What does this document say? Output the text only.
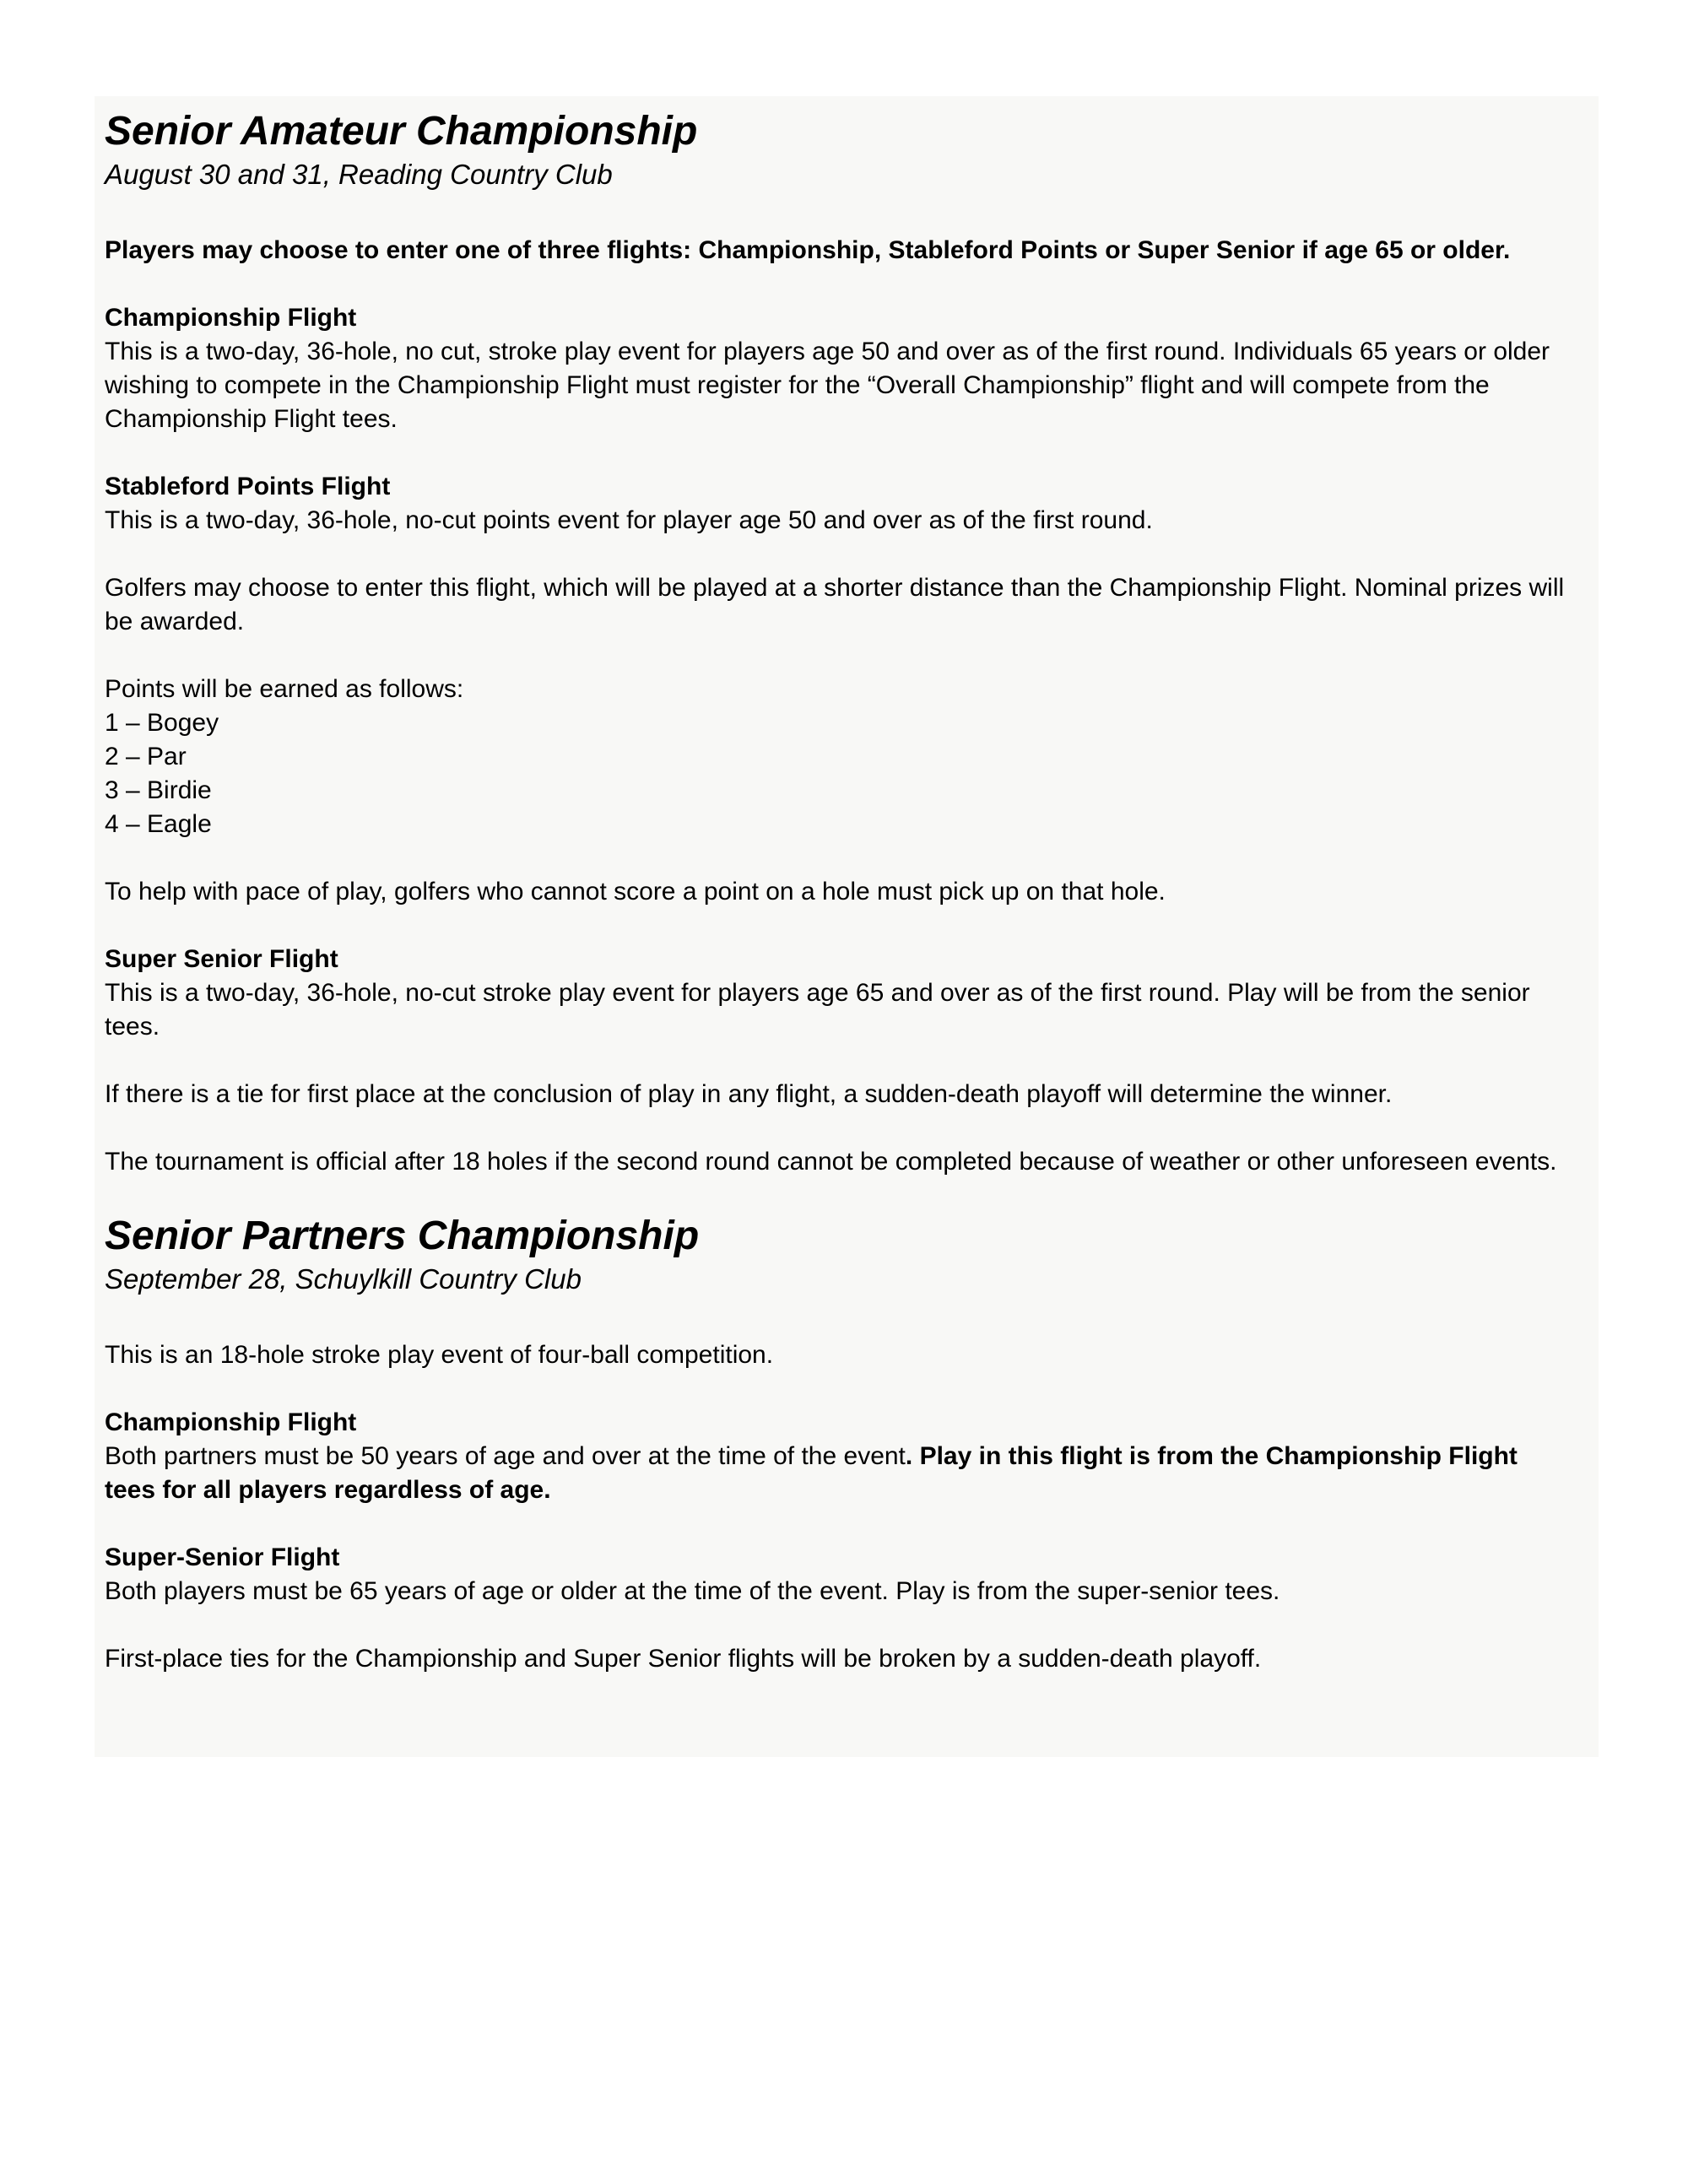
Senior Amateur Championship
August 30 and 31, Reading Country Club

Players may choose to enter one of three flights: Championship, Stableford Points or Super Senior if age 65 or older.

Championship Flight

This is a two-day, 36-hole, no cut, stroke play event for players age 50 and over as of the first round. Individuals 65 years or older wishing to compete in the Championship Flight must register for the “Overall Championship” flight and will compete from the Championship Flight tees.

Stableford Points Flight

This is a two-day, 36-hole, no-cut points event for player age 50 and over as of the first round.

Golfers may choose to enter this flight, which will be played at a shorter distance than the Championship Flight. Nominal prizes will be awarded.

Points will be earned as follows:
1 – Bogey
2 – Par
3 – Birdie
4 – Eagle

To help with pace of play, golfers who cannot score a point on a hole must pick up on that hole.

Super Senior Flight

This is a two-day, 36-hole, no-cut stroke play event for players age 65 and over as of the first round. Play will be from the senior tees.

If there is a tie for first place at the conclusion of play in any flight, a sudden-death playoff will determine the winner.

The tournament is official after 18 holes if the second round cannot be completed because of weather or other unforeseen events.

Senior Partners Championship
September 28, Schuylkill Country Club

This is an 18-hole stroke play event of four-ball competition.

Championship Flight

Both partners must be 50 years of age and over at the time of the event. Play in this flight is from the Championship Flight tees for all players regardless of age.

Super-Senior Flight

Both players must be 65 years of age or older at the time of the event. Play is from the super-senior tees.

First-place ties for the Championship and Super Senior flights will be broken by a sudden-death playoff.
